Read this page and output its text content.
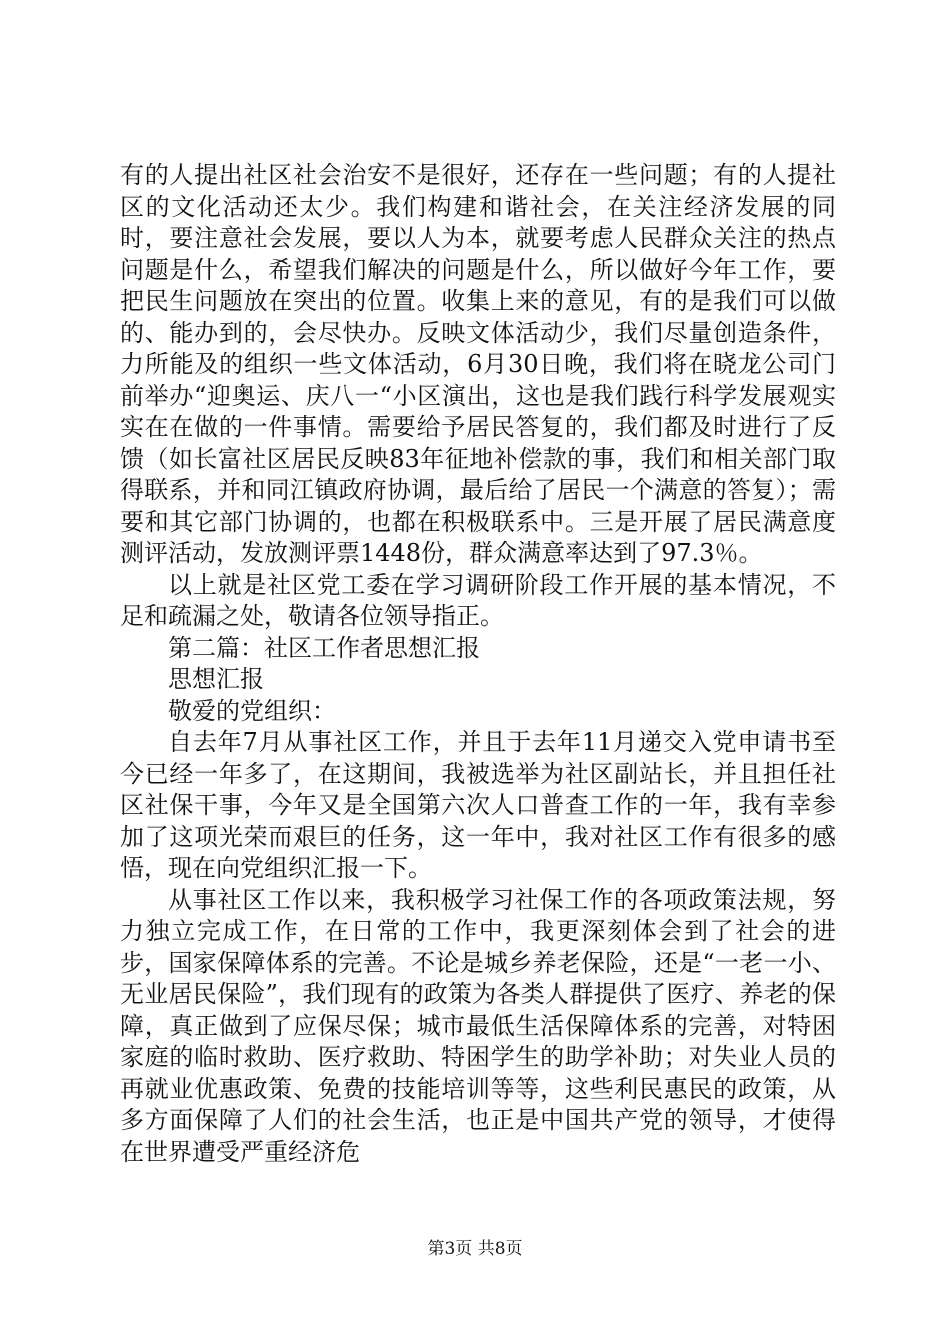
有的人提出社区社会治安不是很好，还存在一些问题；有的人提社区的文化活动还太少。我们构建和谐社会，在关注经济发展的同时，要注意社会发展，要以人为本，就要考虑人民群众关注的热点问题是什么，希望我们解决的问题是什么，所以做好今年工作，要把民生问题放在突出的位置。收集上来的意见，有的是我们可以做的、能办到的，会尽快办。反映文体活动少，我们尽量创造条件，力所能及的组织一些文体活动，6月30日晚，我们将在晓龙公司门前举办“迎奥运、庆八一“小区演出，这也是我们践行科学发展观实实在在做的一件事情。需要给予居民答复的，我们都及时进行了反馈（如长富社区居民反映83年征地补偿款的事，我们和相关部门取得联系，并和同江镇政府协调，最后给了居民一个满意的答复）；需要和其它部门协调的，也都在积极联系中。三是开展了居民满意度测评活动，发放测评票1448份，群众满意率达到了97.3％。

以上就是社区党工委在学习调研阶段工作开展的基本情况，不足和疏漏之处，敬请各位领导指正。

第二篇：社区工作者思想汇报

思想汇报

敬爱的党组织：

自去年7月从事社区工作，并且于去年11月递交入党申请书至今已经一年多了，在这期间，我被选举为社区副站长，并且担任社区社保干事，今年又是全国第六次人口普查工作的一年，我有幸参加了这项光荣而艰巨的任务，这一年中，我对社区工作有很多的感悟，现在向党组织汇报一下。

从事社区工作以来，我积极学习社保工作的各项政策法规，努力独立完成工作，在日常的工作中，我更深刻体会到了社会的进步，国家保障体系的完善。不论是城乡养老保险，还是“一老一小、无业居民保险”，我们现有的政策为各类人群提供了医疗、养老的保障，真正做到了应保尽保；城市最低生活保障体系的完善，对特困家庭的临时救助、医疗救助、特困学生的助学补助；对失业人员的再就业优惠政策、免费的技能培训等等，这些利民惠民的政策，从多方面保障了人们的社会生活，也正是中国共产党的领导，才使得在世界遭受严重经济危

第3页 共8页
